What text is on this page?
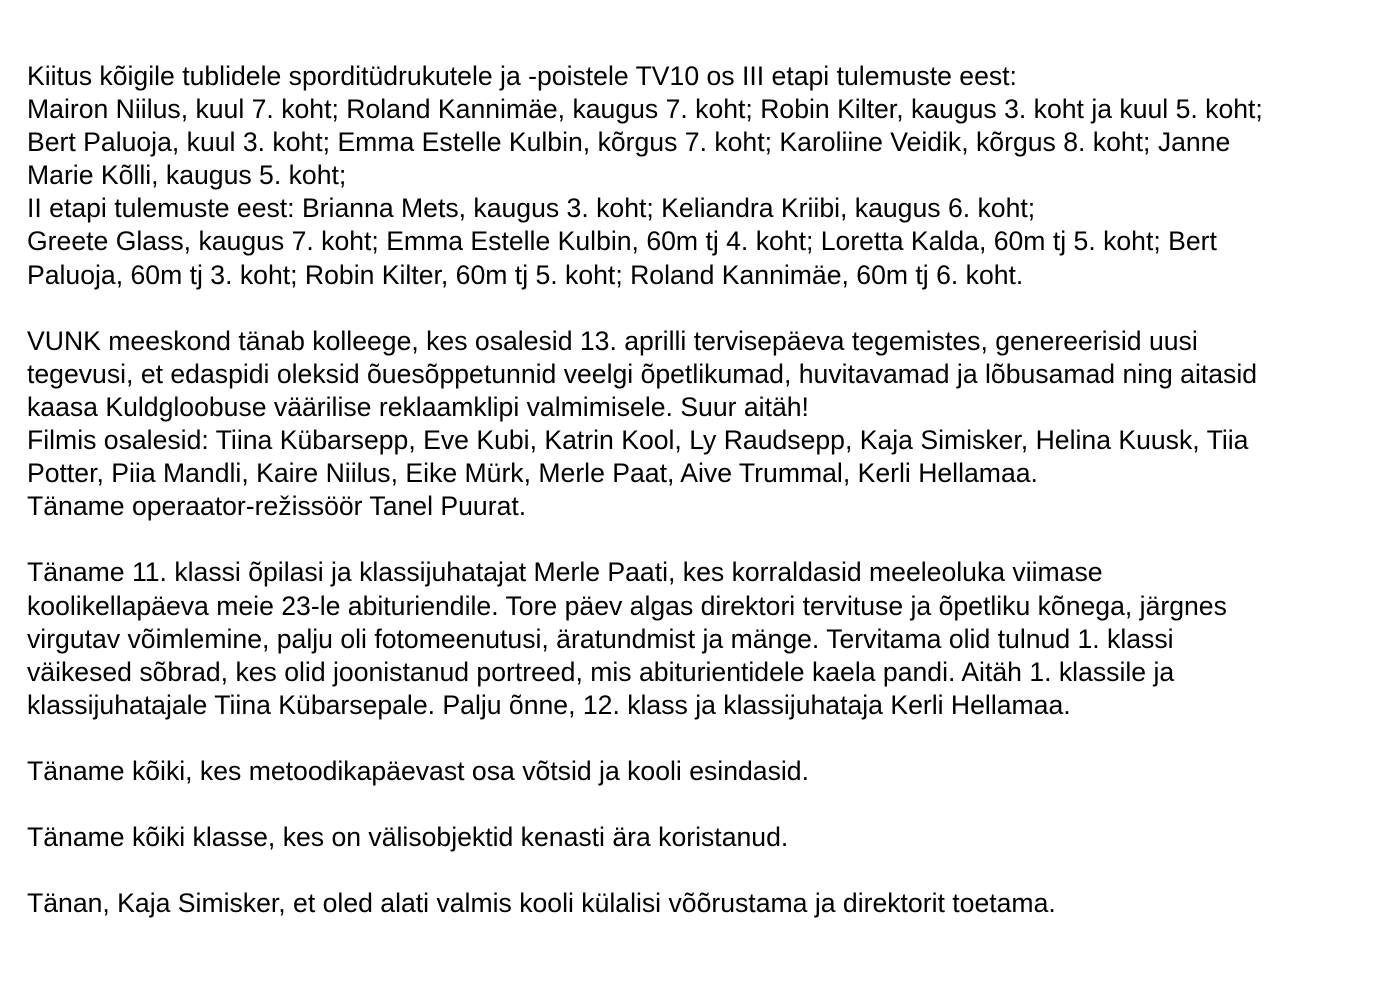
Kiitus kõigile tublidele sporditüdrukutele ja -poistele TV10 os III etapi tulemuste eest:
Mairon Niilus, kuul 7. koht; Roland Kannimäe, kaugus 7. koht; Robin Kilter, kaugus 3. koht ja kuul 5. koht;
Bert Paluoja, kuul 3. koht; Emma Estelle Kulbin, kõrgus 7. koht; Karoliine Veidik, kõrgus 8. koht; Janne
Marie Kõlli, kaugus 5. koht;
II etapi tulemuste eest: Brianna Mets, kaugus 3. koht; Keliandra Kriibi, kaugus 6. koht;
Greete Glass, kaugus 7. koht; Emma Estelle Kulbin, 60m tj 4. koht; Loretta Kalda, 60m tj 5. koht; Bert
Paluoja, 60m tj 3. koht; Robin Kilter, 60m tj 5. koht; Roland Kannimäe, 60m tj 6. koht.
VUNK meeskond tänab kolleege, kes osalesid 13. aprilli tervisepäeva tegemistes, genereerisid uusi
tegevusi, et edaspidi oleksid õuesõppetunnid veelgi õpetlikumad, huvitavamad ja lõbusamad ning aitasid
kaasa Kuldgloobuse väärilise reklaamklipi valmimisele. Suur aitäh!
Filmis osalesid: Tiina Kübarsepp, Eve Kubi, Katrin Kool, Ly Raudsepp, Kaja Simisker, Helina Kuusk, Tiia
Potter, Piia Mandli, Kaire Niilus, Eike Mürk, Merle Paat, Aive Trummal, Kerli Hellamaa.
Täname operaator-režissöör Tanel Puurat.
Täname 11. klassi õpilasi ja klassijuhatajat Merle Paati, kes korraldasid meeleoluka viimase
koolikellapäeva meie 23-le abituriendile. Tore päev algas direktori tervituse ja õpetliku kõnega, järgnes
virgutav võimlemine, palju oli fotomeenutusi, äratundmist ja mänge. Tervitama olid tulnud 1. klassi
väikesed sõbrad, kes olid joonistanud portreed, mis abiturientidele kaela pandi. Aitäh 1. klassile ja
klassijuhatajale Tiina Kübarsepale. Palju õnne, 12. klass ja klassijuhataja Kerli Hellamaa.
Täname kõiki, kes metoodikapäevast osa võtsid ja kooli esindasid.
Täname kõiki klasse, kes on välisobjektid kenasti ära koristanud.
Tänan, Kaja Simisker, et oled alati valmis kooli külalisi võõrustama ja direktorit toetama.
